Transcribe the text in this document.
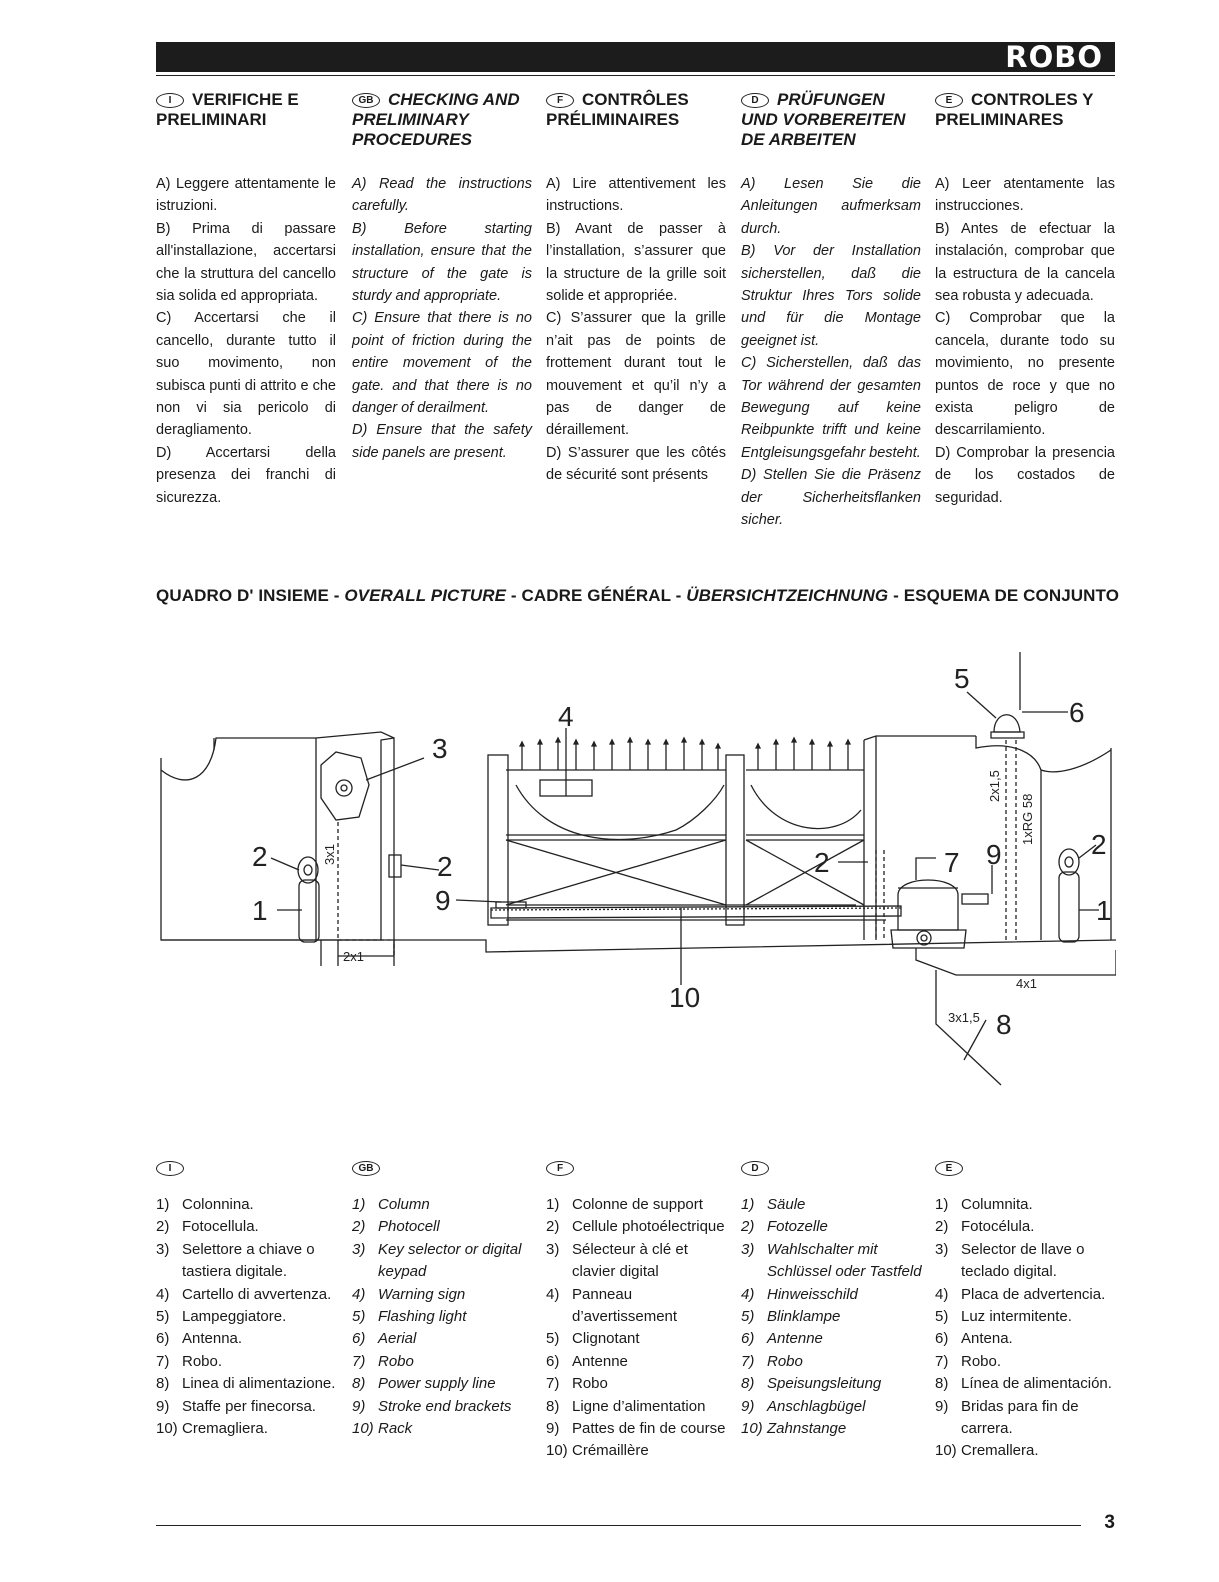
ROBO
I VERIFICHE E PRELIMINARI

A) Leggere attentamente le istruzioni.

B) Prima di passare all'installazione, accertarsi che la struttura del cancello sia solida ed appropriata.

C) Accertarsi che il cancello, durante tutto il suo movimento, non subisca punti di attrito e che non vi sia pericolo di deragliamento.

D) Accertarsi della presenza dei franchi di sicurezza.

GB CHECKING AND PRELIMINARY PROCEDURES

A) Read the instructions carefully.

B) Before starting installation, ensure that the structure of the gate is sturdy and appropriate.

C) Ensure that there is no point of friction during the entire movement of the gate. and that there is no danger of derailment.

D) Ensure that the safety side panels are present.

F CONTRÔLES PRÉLIMINAIRES

A) Lire attentivement les instructions.

B) Avant de passer à l’installation, s’assurer que la structure de la grille soit solide et appropriée.

C) S’assurer que la grille n’ait pas de points de frottement durant tout le mouvement et qu’il n’y a pas de danger de déraillement.

D) S’assurer que les côtés de sécurité sont présents

D PRÜFUNGEN UND VORBEREITEN DE ARBEITEN

A) Lesen Sie die Anleitungen aufmerksam durch.

B) Vor der Installation sicherstellen, daß die Struktur Ihres Tors solide und für die Montage geeignet ist.

C) Sicherstellen, daß das Tor während der gesamten Bewegung auf keine Reibpunkte trifft und keine Entgleisungsgefahr besteht.

D) Stellen Sie die Präsenz der Sicherheitsflanken sicher.

E CONTROLES Y PRELIMINARES

A) Leer atentamente las instrucciones.

B) Antes de efectuar la instalación, comprobar que la estructura de la cancela sea robusta y adecuada.

C) Comprobar que la cancela, durante todo su movimiento, no presente puntos de roce y que no exista peligro de descarrilamiento.

D) Comprobar la presencia de los costados de seguridad.

QUADRO D' INSIEME - OVERALL PICTURE - CADRE GÉNÉRAL - ÜBERSICHTZEICHNUNG - ESQUEMA DE CONJUNTO
1	1
2	2	2
2
3
4
5
6
7 9
9
10
8
3x1
2x1
2x1,5
1xRG 58
4x1
3x1,5
I	GB	F	D	E
1) Colonnina.
2) Fotocellula.
3) Selettore a chiave o tastiera digitale.
4) Cartello di avvertenza.
5) Lampeggiatore.
6) Antenna.
7) Robo.
8) Linea di alimentazione.
9) Staffe per finecorsa.
10) Cremagliera.
1) Column
2) Photocell
3) Key selector or digital keypad
4) Warning sign
5) Flashing light
6) Aerial
7) Robo
8) Power supply line
9) Stroke end brackets
10) Rack
1) Colonne de support
2) Cellule photoélectrique
3) Sélecteur à clé et clavier digital
4) Panneau d’avertissement
5) Clignotant
6) Antenne
7) Robo
8) Ligne d’alimentation
9) Pattes de fin de course
10) Crémaillère
1) Säule
2) Fotozelle
3) Wahlschalter mit Schlüssel oder Tastfeld
4) Hinweisschild
5) Blinklampe
6) Antenne
7) Robo
8) Speisungsleitung
9) Anschlagbügel
10) Zahnstange
1) Columnita.
2) Fotocélula.
3) Selector de llave o teclado digital.
4) Placa de advertencia.
5) Luz intermitente.
6) Antena.
7) Robo.
8) Línea de alimentación.
9) Bridas para fin de carrera.
10) Cremallera.
3
